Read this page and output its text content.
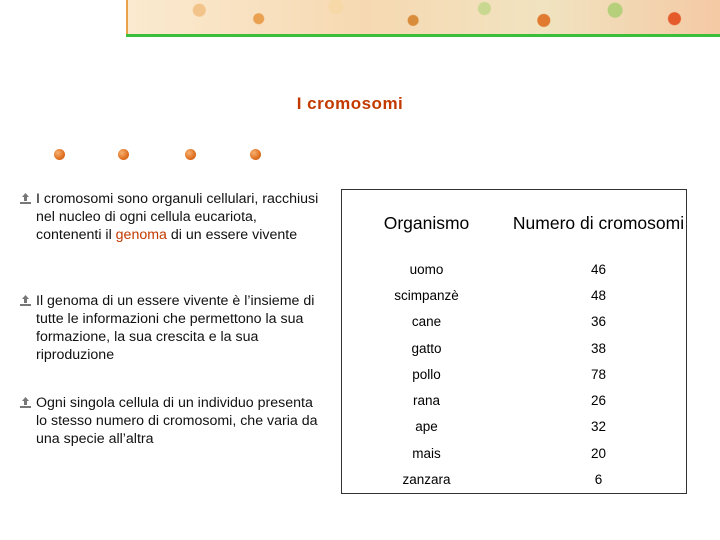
I cromosomi
I cromosomi sono organuli cellulari, racchiusi nel nucleo di ogni cellula eucariota, contenenti il genoma di un essere vivente
Il genoma di un essere vivente è l’insieme di tutte le informazioni che permettono la sua formazione, la sua crescita e la sua riproduzione
Ogni singola cellula di un individuo presenta lo stesso numero di cromosomi, che varia da una specie all’altra
Organismo	Numero di cromosomi
uomo	46
scimpanzè	48
cane	36
gatto	38
pollo	78
rana	26
ape	32
mais	20
zanzara	6
